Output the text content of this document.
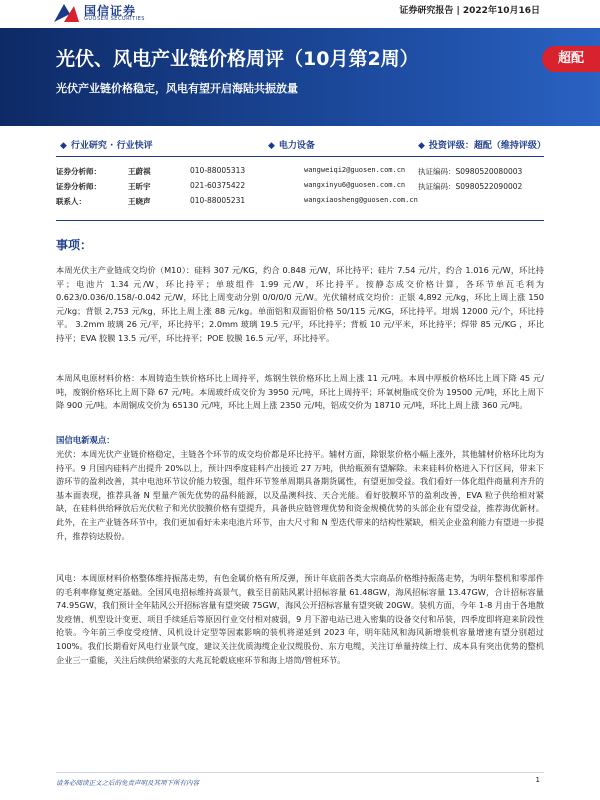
国信证券
GUOSEN SECURITIES
证券研究报告 | 2022年10月16日
光伏、风电产业链价格周评（10月第2周）
光伏产业链价格稳定，风电有望开启海陆共振放量
超配
◆ 行业研究 · 行业快评	◆ 电力设备	◆ 投资评级：超配（维持评级）
证券分析师：	王蔚祺	010-88005313	wangweiqi2@guosen.com.cn 执证编码：S0980520080003
证券分析师：	王昕宇	021-60375422	wangxinyu6@guosen.com.cn 执证编码：S0980522090002
联系人：	王晓声	010-88005231	wangxiaosheng@guosen.com.cn
事项：
本周光伏主产业链成交均价（M10）：硅料 307 元/KG，约合 0.848 元/W，环比持平；硅片 7.54 元/片，约合 1.016 元/W，环比持平；电池片 1.34 元/W，环比持平；单玻组件 1.99 元/W，环比持平。按静态成交价格计算，各环节单瓦毛利为 0.623/0.036/0.158/-0.042 元/W，环比上周变动分别 0/0/0/0 元/W。光伏辅材成交均价：正银 4,892 元/kg，环比上周上涨 150 元/kg；背银 2,753 元/kg，环比上周上涨 88 元/kg。单面铝和双面铝价格 50/115 元/KG，环比持平。坩埚 12000 元/个，环比持平。 3.2mm 玻璃 26 元/平，环比持平；2.0mm 玻璃 19.5 元/平，环比持平；背板 10 元/平米，环比持平；焊带 85 元/KG ，环比持平；EVA 胶膜 13.5 元/平，环比持平；POE 胶膜 16.5 元/平，环比持平。
本周风电原材料价格：本周铸造生铁价格环比上周持平，炼钢生铁价格环比上周上涨 11 元/吨。本周中厚板价格环比上周下降 45 元/吨，废钢价格环比上周下降 67 元/吨。本周玻纤成交价为 3950 元/吨，环比上周持平；环氧树脂成交价为 19500 元/吨，环比上周下降 900 元/吨。本周铜成交价为 65130 元/吨，环比上周上涨 2350 元/吨，铝成交价为 18710 元/吨，环比上周上涨 360 元/吨。
国信电新观点：
光伏：本周光伏产业链价格稳定，主链各个环节的成交均价都是环比持平。辅材方面，除银浆价格小幅上涨外，其他辅材价格环比均为持平。9 月国内硅料产出提升 20%以上，预计四季度硅料产出接近 27 万吨，供给瓶颈有望解除。未来硅料价格进入下行区间，带来下游环节的盈利改善，其中电池环节议价能力较强，组件环节签单周期具备期货属性，有望更加受益。我们看好一体化组件商量利齐升的基本面表现，推荐具备 N 型量产领先优势的晶科能源，以及晶澳科技、天合光能。看好胶膜环节的盈利改善，EVA 粒子供给相对紧缺，在硅料供给释放后光伏粒子和光伏胶膜价格有望提升，具备供应链管理优势和资金规模优势的头部企业有望受益，推荐海优新材。此外，在主产业链各环节中，我们更加看好未来电池片环节，由大尺寸和 N 型迭代带来的结构性紧缺，相关企业盈利能力有望进一步提升，推荐钧达股份。
风电：本周原材料价格整体维持振荡走势，有色金属价格有所反弹，预计年底前各类大宗商品价格维持振荡走势，为明年整机和零部件的毛利率修复奠定基础。全国风电招标维持高景气，截至目前陆风累计招标容量 61.48GW，海风招标容量 13.47GW，合计招标容量 74.95GW，我们预计全年陆风公开招标容量有望突破 75GW，海风公开招标容量有望突破 20GW。装机方面，今年 1-8 月由于各地散发疫情、机型设计变更、项目手续延后等原因行业交付相对疲弱，9 月下游电站已进入密集的设备交付和吊装，四季度即将迎来阶段性抢装。今年前三季度受疫情、风机设计定型等因素影响的装机将递延到 2023 年，明年陆风和海风新增装机容量增速有望分别超过 100%。我们长期看好风电行业景气度，建议关注优质海缆企业汉缆股份、东方电缆，关注订单量持续上行、成本具有突出优势的整机企业三一重能，关注后续供给紧张的大兆瓦轮毂底座环节和海上塔筒/管桩环节。
请务必阅读正文之后的免责声明及其项下所有内容	1
